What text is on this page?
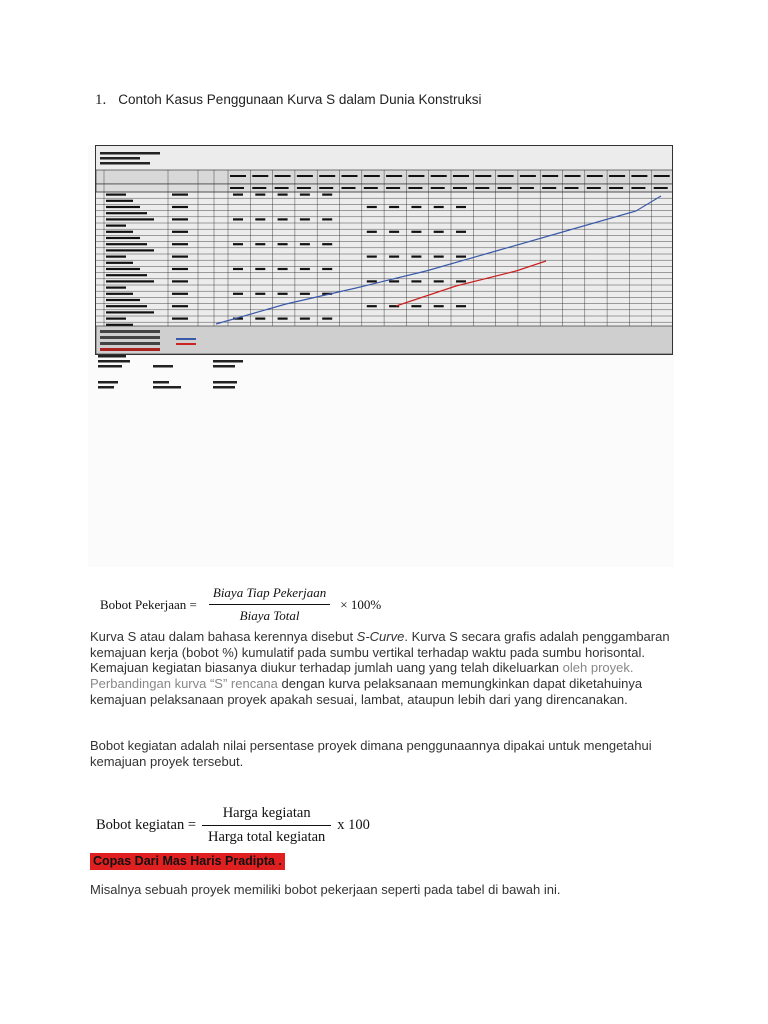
1. Contoh Kasus Penggunaan Kurva S dalam Dunia Konstruksi
Bobot Pekerjaan = $\frac{\text{Biaya Tiap Pekerjaan}}{\text{Biaya Total}} \times 100\%$
Kurva S atau dalam bahasa kerennya disebut S-Curve. Kurva S secara grafis adalah penggambaran kemajuan kerja (bobot %) kumulatif pada sumbu vertikal terhadap waktu pada sumbu horisontal. Kemajuan kegiatan biasanya diukur terhadap jumlah uang yang telah dikeluarkan oleh proyek. Perbandingan kurva “S” rencana dengan kurva pelaksanaan memungkinkan dapat diketahuinya kemajuan pelaksanaan proyek apakah sesuai, lambat, ataupun lebih dari yang direncanakan.
Bobot kegiatan adalah nilai persentase proyek dimana penggunaannya dipakai untuk mengetahui kemajuan proyek tersebut.
Bobot kegiatan = $\frac{\text{Harga kegiatan}}{\text{Harga total kegiatan}}$ x 100
Copas Dari Mas Haris Pradipta .
Misalnya sebuah proyek memiliki bobot pekerjaan seperti pada tabel di bawah ini.
